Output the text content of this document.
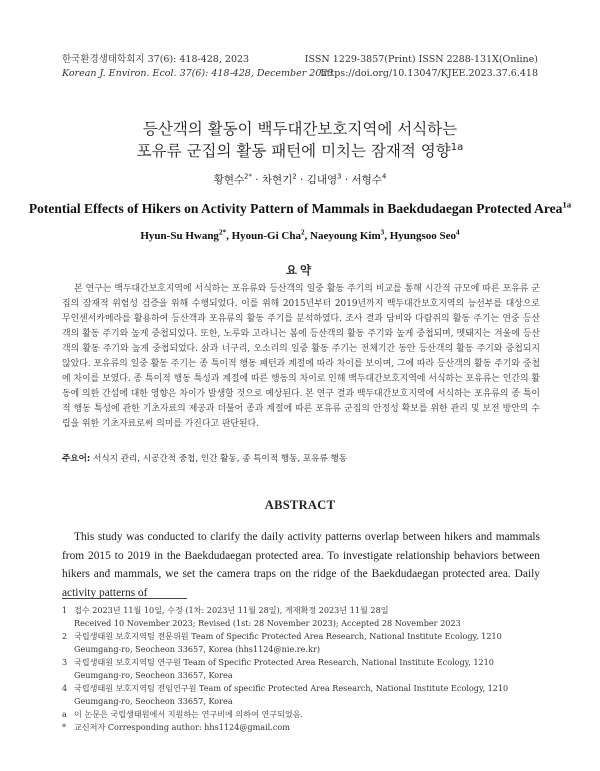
한국환경생태학회지 37(6): 418-428, 2023
Korean J. Environ. Ecol. 37(6): 418-428, December 2023
ISSN 1229-3857(Print) ISSN 2288-131X(Online)
https://doi.org/10.13047/KJEE.2023.37.6.418
등산객의 활동이 백두대간보호지역에 서식하는
포유류 군집의 활동 패턴에 미치는 잠재적 영향$^{1a}$
황현수$^{2*}$ · 차현기$^2$ · 김내영$^3$ · 서형수$^4$
Potential Effects of Hikers on Activity Pattern of Mammals in Baekdudaegan Protected Area$^{1a}$
Hyun-Su Hwang$^{2*}$, Hyoun-Gi Cha$^2$, Naeyoung Kim$^3$, Hyungsoo Seo$^4$
요약

본 연구는 백두대간보호지역에 서식하는 포유류와 등산객의 일중 활동 주기의 비교를 통해 시간적 규모에 따른 포유류 군집의 잠재적 위험성 검증을 위해 수행되었다. 이를 위해 2015년부터 2019년까지 백두대간보호지역의 능선부를 대상으로 무인센서카메라를 활용하여 등산객과 포유류의 활동 주기를 분석하였다. 조사 결과 담비와 다람쥐의 활동 주기는 연중 등산객의 활동 주기와 높게 중첩되었다. 또한, 노루와 고라니는 봄에 등산객의 활동 주기와 높게 중첩되며, 멧돼지는 겨울에 등산객의 활동 주기와 높게 중첩되었다. 삵과 너구리, 오소리의 일중 활동 주기는 전체기간 동안 등산객의 활동 주기와 중첩되지 않았다. 포유류의 일중 활동 주기는 종 특이적 행동 패턴과 계절에 따라 차이를 보이며, 그에 따라 등산객의 활동 주기와 중첩에 차이를 보였다. 종 특이적 행동 특성과 계절에 따른 행동의 차이로 인해 백두대간보호지역에 서식하는 포유류는 인간의 활동에 의한 간섭에 대한 영향은 차이가 발생할 것으로 예상된다. 본 연구 결과 백두대간보호지역에 서식하는 포유류의 종 특이적 행동 특성에 관한 기초자료의 제공과 더불어 종과 계절에 따른 포유류 군집의 안정성 확보를 위한 관리 및 보전 방안의 수립을 위한 기초자료로써 의미를 가진다고 판단된다.

주요어: 서식지 관리, 시공간적 중첩, 인간 활동, 종 특이적 행동, 포유류 행동
ABSTRACT

This study was conducted to clarify the daily activity patterns overlap between hikers and mammals from 2015 to 2019 in the Baekdudaegan protected area. To investigate relationship behaviors between hikers and mammals, we set the camera traps on the ridge of the Baekdudaegan protected area. Daily activity patterns of

1 접수 2023년 11월 10일, 수정 (1차: 2023년 11월 28일), 게재확정 2023년 11월 28일
Received 10 November 2023; Revised (1st: 28 November 2023); Accepted 28 November 2023
2 국립생태원 보호지역팀 전문위원 Team of Specific Protected Area Research, National Institute Ecology, 1210 Geumgang-ro, Seocheon 33657, Korea (hhs1124@nie.re.kr)
3 국립생태원 보호지역팀 연구원 Team of Specific Protected Area Research, National Institute Ecology, 1210 Geumgang-ro, Seocheon 33657, Korea
4 국립생태원 보호지역팀 전임연구원 Team of specific Protected Area Research, National Institute Ecology, 1210 Geumgang-ro, Seocheon 33657, Korea
a 이 논문은 국립생태원에서 지원하는 연구비에 의하여 연구되었음.
* 교신저자 Corresponding author: hhs1124@gmail.com
